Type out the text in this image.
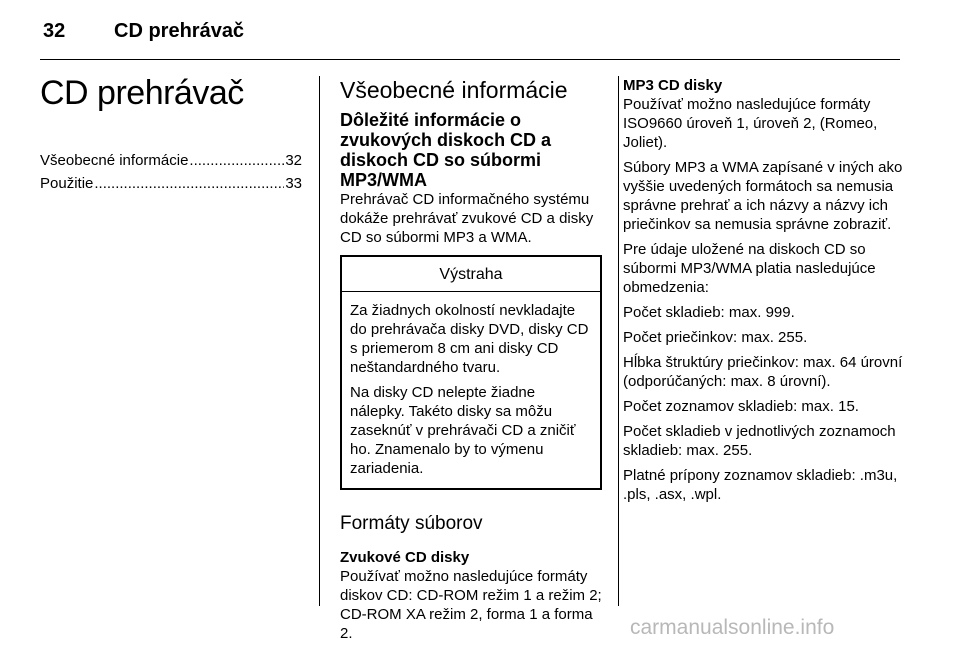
32 CD prehrávač
CD prehrávač
Všeobecné informácie .....	32
Použitie .....	33
Všeobecné informácie
Dôležité informácie o zvukových diskoch CD a diskoch CD so súbormi MP3/WMA

Prehrávač CD informačného systému dokáže prehrávať zvukové CD a disky CD so súbormi MP3 a WMA.

Výstraha

Za žiadnych okolností nevkladajte do prehrávača disky DVD, disky CD s priemerom 8 cm ani disky CD neštandardného tvaru.

Na disky CD nelepte žiadne nálepky. Takéto disky sa môžu zaseknúť v prehrávači CD a zničiť ho. Znamenalo by to výmenu zariadenia.

Formáty súborov
Zvukové CD disky

Používať možno nasledujúce formáty diskov CD: CD-ROM režim 1 a režim 2; CD-ROM XA režim 2, forma 1 a forma 2.

MP3 CD disky

Používať možno nasledujúce formáty ISO9660 úroveň 1, úroveň 2, (Romeo, Joliet).

Súbory MP3 a WMA zapísané v iných ako vyššie uvedených formátoch sa nemusia správne prehrať a ich názvy a názvy ich priečinkov sa nemusia správne zobraziť.

Pre údaje uložené na diskoch CD so súbormi MP3/WMA platia nasledujúce obmedzenia:

Počet skladieb: max. 999.

Počet priečinkov: max. 255.

Hĺbka štruktúry priečinkov: max. 64 úrovní (odporúčaných: max. 8 úrovní).

Počet zoznamov skladieb: max. 15.

Počet skladieb v jednotlivých zoznamoch skladieb: max. 255.

Platné prípony zoznamov skladieb: .m3u, .pls, .asx, .wpl.

carmanualsonline.info
